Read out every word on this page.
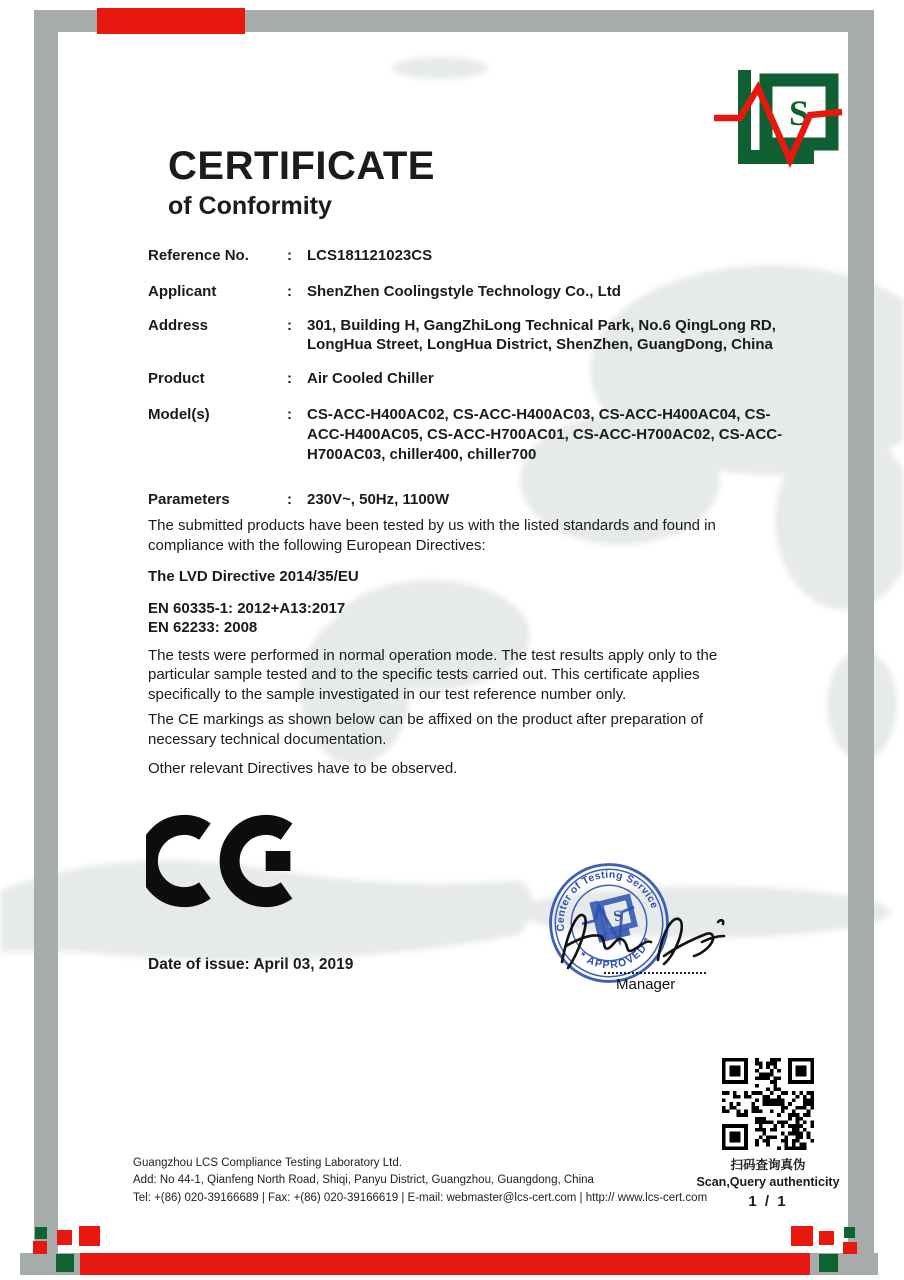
S
CERTIFICATE
of Conformity
Reference No.	:	LCS181121023CS
Applicant	:	ShenZhen Coolingstyle Technology Co., Ltd
Address	:	301, Building H, GangZhiLong Technical Park, No.6 QingLong RD, LongHua Street, LongHua District, ShenZhen, GuangDong, China
Product	:	Air Cooled Chiller
Model(s)	:	CS-ACC-H400AC02, CS-ACC-H400AC03, CS-ACC-H400AC04, CS-ACC-H400AC05, CS-ACC-H700AC01, CS-ACC-H700AC02, CS-ACC-H700AC03, chiller400, chiller700
Parameters	:	230V~, 50Hz, 1100W

The submitted products have been tested by us with the listed standards and found in compliance with the following European Directives:

The LVD Directive 2014/35/EU

EN 60335-1: 2012+A13:2017
EN 62233: 2008

The tests were performed in normal operation mode. The test results apply only to the particular sample tested and to the specific tests carried out. This certificate applies specifically to the sample investigated in our test reference number only.

The CE markings as shown below can be affixed on the product after preparation of necessary technical documentation.

Other relevant Directives have to be observed.

Date of issue: April 03, 2019
Center of Testing Service
* APPROVED *
S
Manager
扫码查询真伪
Scan,Query authenticity
1 / 1
Guangzhou LCS Compliance Testing Laboratory Ltd.
Add: No 44-1, Qianfeng North Road, Shiqi, Panyu District, Guangzhou, Guangdong, China
Tel: +(86) 020-39166689 | Fax: +(86) 020-39166619 | E-mail: webmaster@lcs-cert.com | http:// www.lcs-cert.com
